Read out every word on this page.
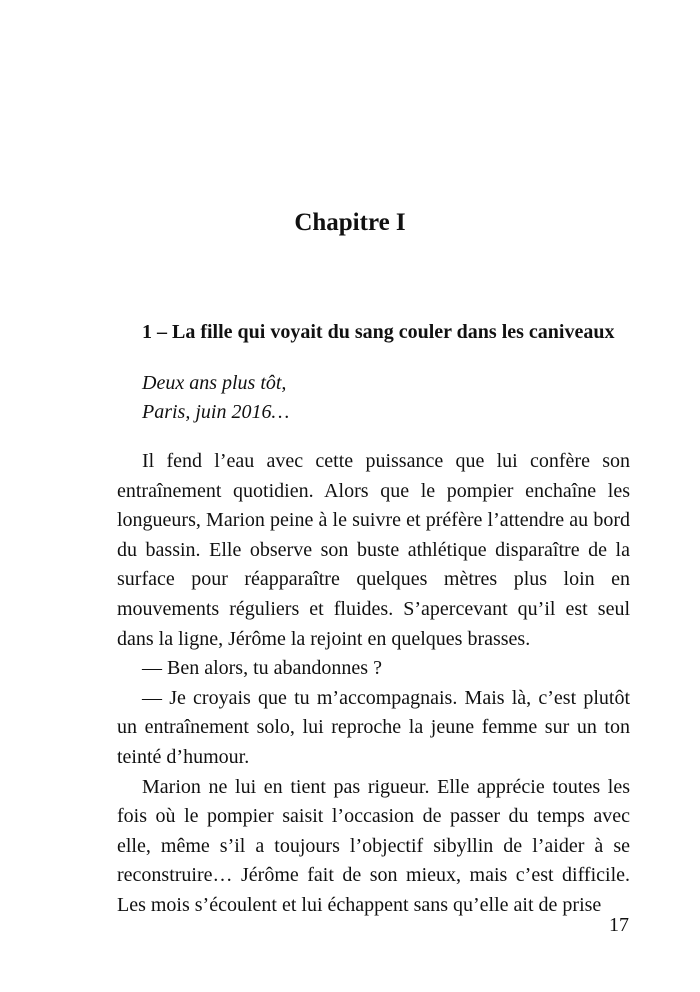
Chapitre I
1 – La fille qui voyait du sang couler dans les caniveaux
Deux ans plus tôt,
Paris, juin 2016…

Il fend l’eau avec cette puissance que lui confère son entraînement quotidien. Alors que le pompier enchaîne les longueurs, Marion peine à le suivre et préfère l’attendre au bord du bassin. Elle observe son buste athlétique disparaître de la surface pour réapparaître quelques mètres plus loin en mouvements réguliers et fluides. S’apercevant qu’il est seul dans la ligne, Jérôme la rejoint en quelques brasses.

— Ben alors, tu abandonnes ?

— Je croyais que tu m’accompagnais. Mais là, c’est plutôt un entraînement solo, lui reproche la jeune femme sur un ton teinté d’humour.

Marion ne lui en tient pas rigueur. Elle apprécie toutes les fois où le pompier saisit l’occasion de passer du temps avec elle, même s’il a toujours l’objectif sibyllin de l’aider à se reconstruire… Jérôme fait de son mieux, mais c’est difficile. Les mois s’écoulent et lui échappent sans qu’elle ait de prise

17
